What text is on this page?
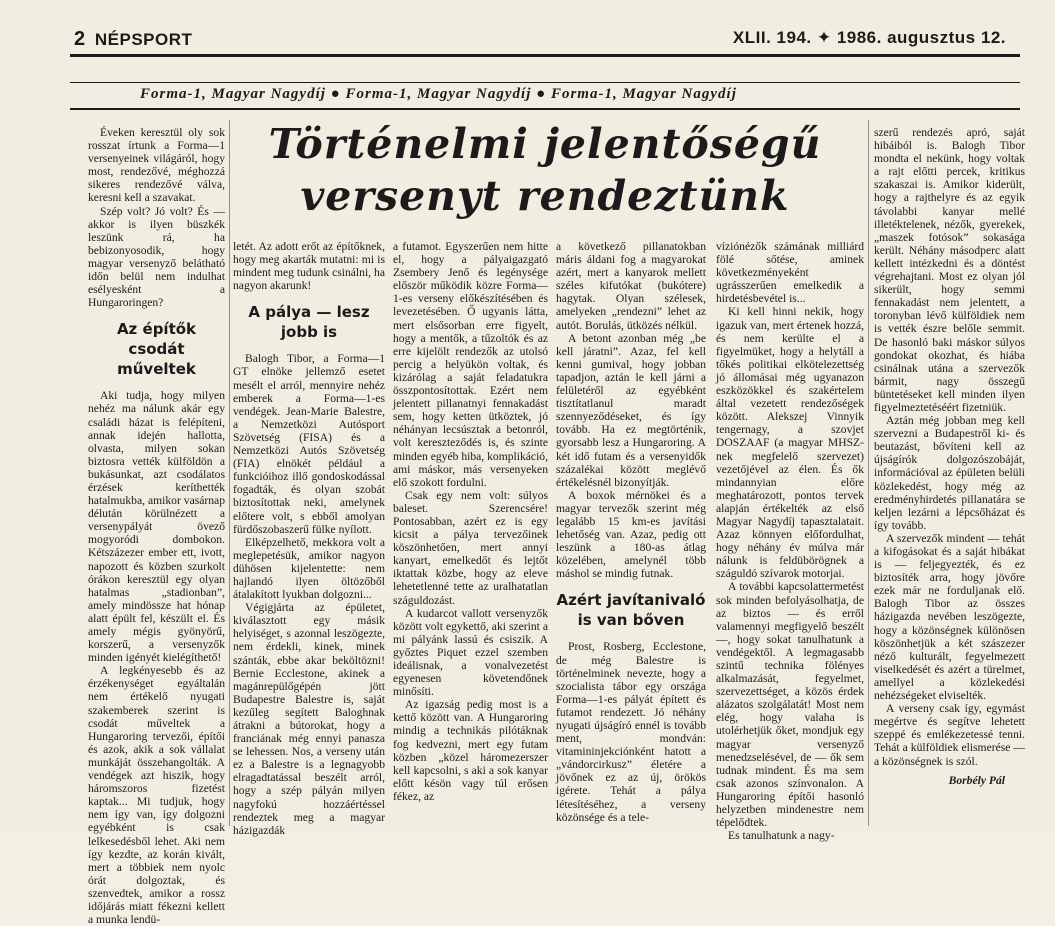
2 NÉPSPORT	XLII. 194. ✦ 1986. augusztus 12.
Forma-1, Magyar Nagydíj ● Forma-1, Magyar Nagydíj ● Forma-1, Magyar Nagydíj
Történelmi jelentőségű
versenyt rendeztünk

Éveken keresztül oly sok rosszat írtunk a Forma—1 versenyeinek világáról, hogy most, rendezővé, méghozzá sikeres rendezővé válva, keresni kell a szavakat.

Szép volt? Jó volt? És — akkor is ilyen büszkék leszünk rá, ha bebizonyosodik, hogy magyar versenyző belátható időn belül nem indulhat esélyesként a Hungaroringen?

Az építők csodát műveltek

Aki tudja, hogy milyen nehéz ma nálunk akár egy családi házat is felépíteni, annak idején hallotta, olvasta, milyen sokan biztosra vették külföldön a bukásunkat, azt csodálatos érzések keríthették hatalmukba, amikor vasárnap délután körülnézett a versenypályát övező mogyoródi dombokon. Kétszázezer ember ett, ivott, napozott és közben szurkolt órákon keresztül egy olyan hatalmas „stadionban”, amely mindössze hat hónap alatt épült fel, készült el. És amely mégis gyönyörű, korszerű, a versenyzők minden igényét kielégíthető!

A legkényesebb és az érzékenységet egyáltalán nem értékelő nyugati szakemberek szerint is csodát műveltek a Hungaroring tervezői, építői és azok, akik a sok vállalat munkáját összehangolták. A vendégek azt hiszik, hogy háromszoros fizetést kaptak... Mi tudjuk, hogy nem így van, így dolgozni egyébként is csak lelkesedésből lehet. Aki nem így kezdte, az korán kivált, mert a többiek nem nyolc órát dolgoztak, és szenvedtek, amikor a rossz időjárás miatt fékezni kellett a munka lendü-

letét. Az adott erőt az építőknek, hogy meg akarták mutatni: mi is mindent meg tudunk csinálni, ha nagyon akarunk!

A pálya — lesz jobb is

Balogh Tibor, a Forma—1 GT elnöke jellemző esetet mesélt el arról, mennyire nehéz emberek a Forma—1-es vendégek. Jean-Marie Balestre, a Nemzetközi Autósport Szövetség (FISA) és a Nemzetközi Autós Szövetség (FIA) elnökét például a funkcióihoz illő gondoskodással fogadták, és olyan szobát biztosítottak neki, amelynek előtere volt, s ebből amolyan fürdőszobaszerű fülke nyílott.

Elképzelhető, mekkora volt a meglepetésük, amikor nagyon dühösen kijelentette: nem hajlandó ilyen öltözőből átalakított lyukban dolgozni...

Végigjárta az épületet, kiválasztott egy másik helyiséget, s azonnal leszögezte, nem érdekli, kinek, minek szánták, ebbe akar beköltözni! Bernie Ecclestone, akinek a magánrepülőgépén jött Budapestre Balestre is, saját kezűleg segített Baloghnak átrakni a bútorokat, hogy a franciának még ennyi panasza se lehessen. Nos, a verseny után ez a Balestre is a legnagyobb elragadtatással beszélt arról, hogy a szép pályán milyen nagyfokú hozzáértéssel rendeztek meg a magyar házigazdák

a futamot. Egyszerűen nem hitte el, hogy a pályaigazgató Zsembery Jenő és legénysége először működik közre Forma—1-es verseny előkészítésében és levezetésében. Ő ugyanis látta, mert elsősorban erre figyelt, hogy a mentők, a tűzoltók és az erre kijelölt rendezők az utolsó percig a helyükön voltak, és kizárólag a saját feladatukra összpontosítottak. Ezért nem jelentett pillanatnyi fennakadást sem, hogy ketten ütköztek, jó néhányan lecsúsztak a betonról, volt kereszteződés is, és szinte minden egyéb hiba, komplikáció, ami máskor, más versenyeken elő szokott fordulni.

Csak egy nem volt: súlyos baleset. Szerencsére! Pontosabban, azért ez is egy kicsit a pálya tervezőinek köszönhetően, mert annyi kanyart, emelkedőt és lejtőt iktattak közbe, hogy az eleve lehetetlenné tette az uralhatatlan száguldozást.

A kudarcot vallott versenyzők között volt egykettő, aki szerint a mi pályánk lassú és csiszik. A győztes Piquet ezzel szemben ideálisnak, a vonalvezetést egyenesen követendőnek minősíti.

Az igazság pedig most is a kettő között van. A Hungaroring mindig a technikás pilótáknak fog kedvezni, mert egy futam közben „közel háromezerszer kell kapcsolni, s aki a sok kanyar előtt késön vagy túl erősen fékez, az

a következő pillanatokban máris áldani fog a magyarokat azért, mert a kanyarok mellett széles kifutókat (bukótere) hagytak. Olyan szélesek, amelyeken „rendezni” lehet az autót. Borulás, ütközés nélkül.

A betont azonban még „be kell járatni”. Azaz, fel kell kenni gumival, hogy jobban tapadjon, aztán le kell járni a felületéről az egyébként tisztítatlanul maradt szennyeződéseket, és így tovább. Ha ez megtörténik, gyorsabb lesz a Hungaroring. A két idő futam és a versenyidők százalékai között meglévő értékelésnél bizonyítják.

A boxok mérnökei és a magyar tervezők szerint még legalább 15 km-es javítási lehetőség van. Azaz, pedig ott leszünk a 180-as átlag közelében, amelynél több máshol se mindig futnak.

Azért javítanivaló is van bőven

Prost, Rosberg, Ecclestone, de még Balestre is történelminek nevezte, hogy a szocialista tábor egy országa Forma—1-es pályát épített és futamot rendezett. Jó néhány nyugati újságíró ennél is tovább ment, mondván: vitamininjekciónként hatott a „vándorcirkusz” életére a jövőnek ez az új, örökös igérete. Tehát a pálya létesítéséhez, a verseny közönsége és a tele-

víziónézők számának milliárd fölé sőtése, aminek következményeként ugrásszerűen emelkedik a hirdetésbevétel is...

Ki kell hinni nekik, hogy igazuk van, mert értenek hozzá, és nem kerülte el a figyelmüket, hogy a helytáll a tőkés politikai elkötelezettség jó állomásai még ugyanazon eszközökkel és szakértelem által vezetett rendezőségek között. Alekszej Vinnyik tengernagy, a szovjet DOSZAAF (a magyar MHSZ-nek megfelelő szervezet) vezetőjével az élen. És ők mindannyian előre meghatározott, pontos tervek alapján értékelték az első Magyar Nagydíj tapasztalatait. Azaz könnyen előfordulhat, hogy néhány év múlva már nálunk is feldübörögnek a száguldó szívarok motorjai.

A további kapcsolattermetést sok minden befolyásolhatja, de az biztos — és erről valamennyi megfigyelő beszélt —, hogy sokat tanulhatunk a vendégektől. A legmagasabb szintű technika fölényes alkalmazását, fegyelmet, szervezettséget, a közös érdek alázatos szolgálatát! Most nem elég, hogy valaha is utolérhetjük őket, mondjuk egy magyar versenyző menedzselésével, de — ők sem tudnak mindent. És ma sem csak azonos színvonalon. A Hungaroring építői hasonló helyzetben mindenestre nem tépelődtek.

Es tanulhatunk a nagy-

szerű rendezés apró, saját hibáiból is. Balogh Tibor mondta el nekünk, hogy voltak a rajt előtti percek, kritikus szakaszai is. Amikor kiderült, hogy a rajthelyre és az egyik távolabbi kanyar mellé illetéktelenek, nézők, gyerekek, „maszek fotósok” sokasága került. Néhány másodperc alatt kellett intézkedni és a döntést végrehajtani. Most ez olyan jól sikerült, hogy semmi fennakadást nem jelentett, a toronyban lévő külföldiek nem is vették észre belőle semmit. De hasonló baki máskor súlyos gondokat okozhat, és hiába csinálnak utána a szervezők bármit, nagy összegű büntetéseket kell minden ilyen figyelmeztetéséért fizetniük.

Aztán még jobban meg kell szervezni a Budapestről ki- és beutazást, bővíteni kell az újságírók dolgozószobáját, információval az épületen belüli közlekedést, hogy még az eredményhirdetés pillanatára se keljen lezárni a lépcsőházat és így tovább.

A szervezők mindent — tehát a kifogásokat és a saját hibákat is — feljegyezték, és ez biztosíték arra, hogy jövőre ezek már ne forduljanak elő. Balogh Tibor az összes házigazda nevében leszögezte, hogy a közönségnek különösen köszönhetjük a két szászezer néző kulturált, fegyelmezett viselkedését és azért a türelmet, amellyel a közlekedési nehézségeket elviselték.

A verseny csak így, egymást megértve és segítve lehetett szeppé és emlékezetessé tenni. Tehát a külföldiek elismerése — a közönségnek is szól.

Borbély Pál
